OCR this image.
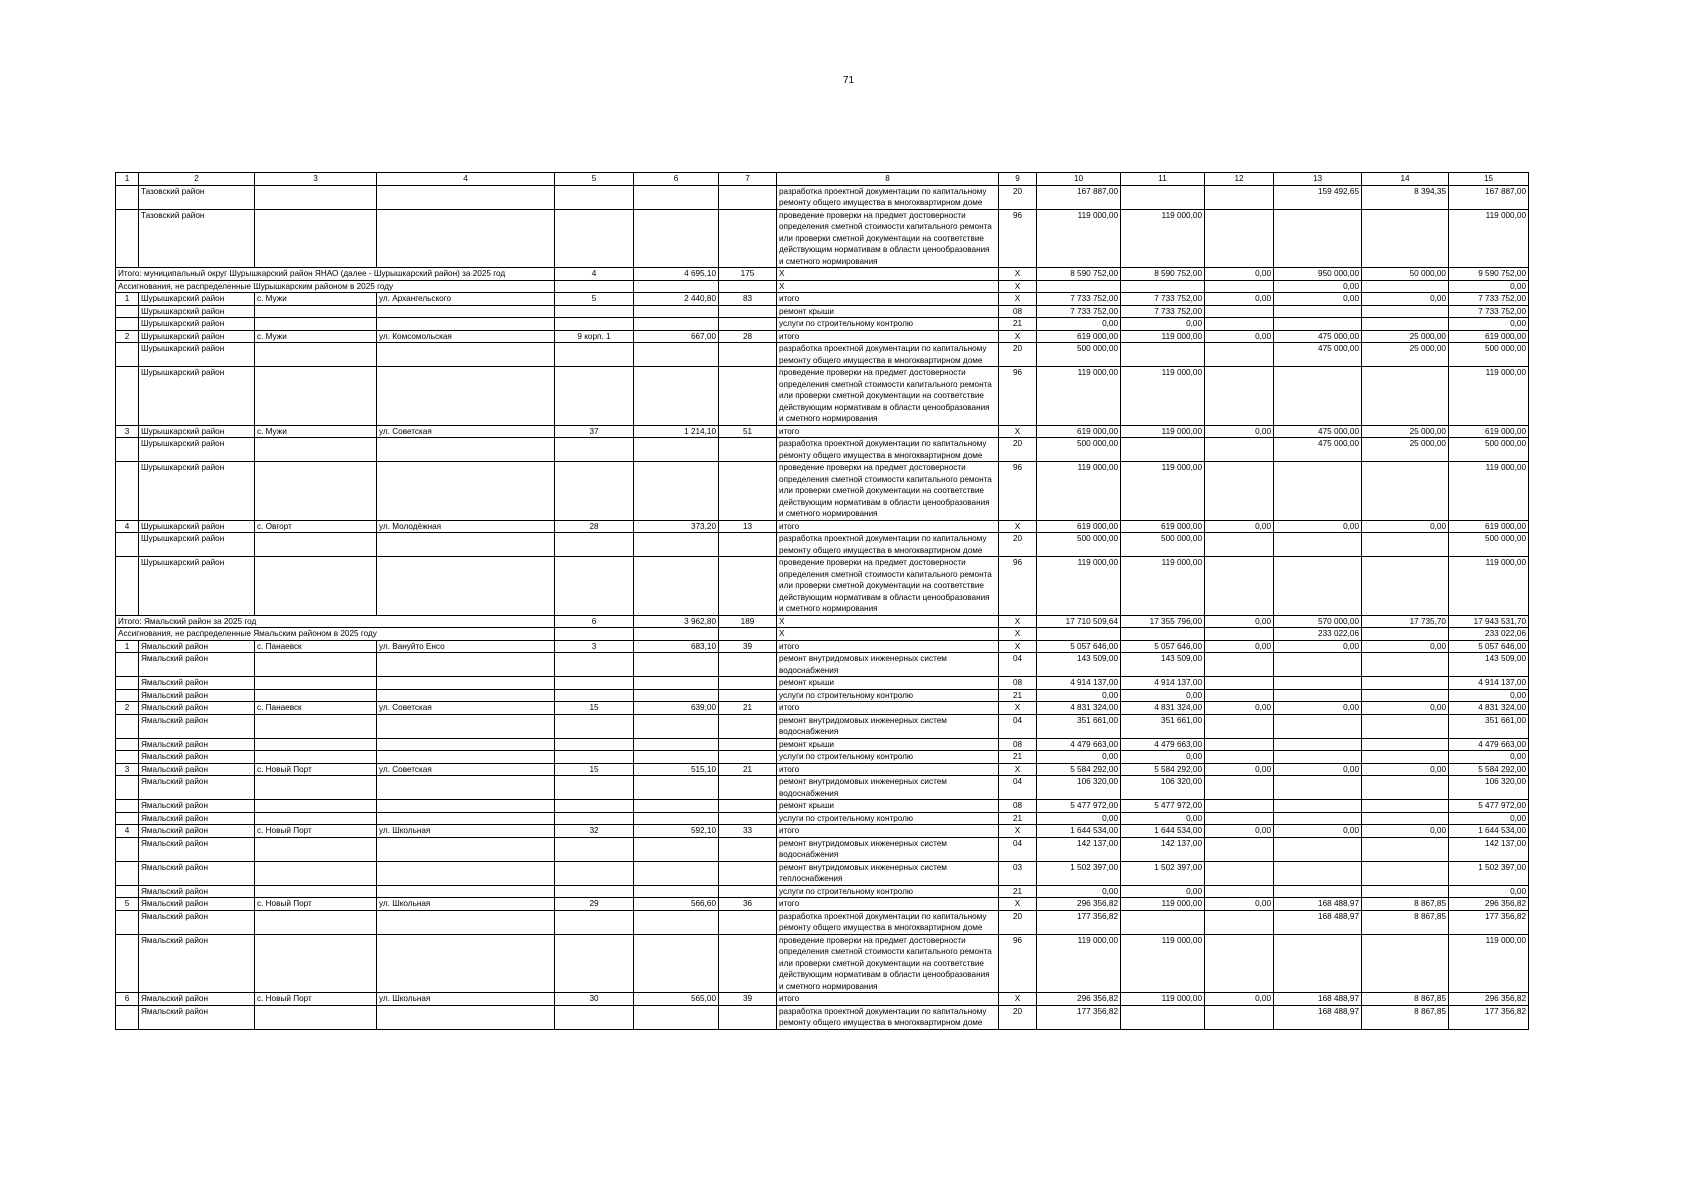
71
1	2	3	4	5	6	7	8	9	10	11	12	13	14	15
	Тазовский район						разработка проектной документации по капитальному ремонту общего имущества в многоквартирном доме	20	167 887,00			159 492,65	8 394,35	167 887,00
	Тазовский район						проведение проверки на предмет достоверности определения сметной стоимости капитального ремонта или проверки сметной документации на соответствие действующим нормативам в области ценообразования и сметного нормирования	96	119 000,00	119 000,00				119 000,00
Итого: муниципальный округ Шурышкарский район ЯНАО (далее - Шурышкарский район) за 2025 год				4	4 695,10	175	X	X	8 590 752,00	8 590 752,00	0,00	950 000,00	50 000,00	9 590 752,00
Ассигнования, не распределенные Шурышкарским районом в 2025 году							X	X				0,00		0,00
1	Шурышкарский район	с. Мужи	ул. Архангельского	5	2 440,80	83	итого	X	7 733 752,00	7 733 752,00	0,00	0,00	0,00	7 733 752,00
	Шурышкарский район						ремонт крыши	08	7 733 752,00	7 733 752,00				7 733 752,00
	Шурышкарский район						услуги по строительному контролю	21	0,00	0,00				0,00
2	Шурышкарский район	с. Мужи	ул. Комсомольская	9 корп. 1	667,00	28	итого	X	619 000,00	119 000,00	0,00	475 000,00	25 000,00	619 000,00
	Шурышкарский район						разработка проектной документации по капитальному ремонту общего имущества в многоквартирном доме	20	500 000,00			475 000,00	25 000,00	500 000,00
	Шурышкарский район						проведение проверки на предмет достоверности определения сметной стоимости капитального ремонта или проверки сметной документации на соответствие действующим нормативам в области ценообразования и сметного нормирования	96	119 000,00	119 000,00				119 000,00
3	Шурышкарский район	с. Мужи	ул. Советская	37	1 214,10	51	итого	X	619 000,00	119 000,00	0,00	475 000,00	25 000,00	619 000,00
	Шурышкарский район						разработка проектной документации по капитальному ремонту общего имущества в многоквартирном доме	20	500 000,00			475 000,00	25 000,00	500 000,00
	Шурышкарский район						проведение проверки на предмет достоверности определения сметной стоимости капитального ремонта или проверки сметной документации на соответствие действующим нормативам в области ценообразования и сметного нормирования	96	119 000,00	119 000,00				119 000,00
4	Шурышкарский район	с. Овгорт	ул. Молодёжная	28	373,20	13	итого	X	619 000,00	619 000,00	0,00	0,00	0,00	619 000,00
	Шурышкарский район						разработка проектной документации по капитальному ремонту общего имущества в многоквартирном доме	20	500 000,00	500 000,00				500 000,00
	Шурышкарский район						проведение проверки на предмет достоверности определения сметной стоимости капитального ремонта или проверки сметной документации на соответствие действующим нормативам в области ценообразования и сметного нормирования	96	119 000,00	119 000,00				119 000,00
Итого: Ямальский район за 2025 год				6	3 962,80	189	X	X	17 710 509,64	17 355 796,00	0,00	570 000,00	17 735,70	17 943 531,70
Ассигнования, не распределенные Ямальским районом в 2025 году							X	X				233 022,06		233 022,06
1	Ямальский район	с. Панаевск	ул. Вануйто Енсо	3	683,10	39	итого	X	5 057 646,00	5 057 646,00	0,00	0,00	0,00	5 057 646,00
	Ямальский район						ремонт внутридомовых инженерных систем водоснабжения	04	143 509,00	143 509,00				143 509,00
	Ямальский район						ремонт крыши	08	4 914 137,00	4 914 137,00				4 914 137,00
	Ямальский район						услуги по строительному контролю	21	0,00	0,00				0,00
2	Ямальский район	с. Панаевск	ул. Советская	15	639,00	21	итого	X	4 831 324,00	4 831 324,00	0,00	0,00	0,00	4 831 324,00
	Ямальский район						ремонт внутридомовых инженерных систем водоснабжения	04	351 661,00	351 661,00				351 661,00
	Ямальский район						ремонт крыши	08	4 479 663,00	4 479 663,00				4 479 663,00
	Ямальский район						услуги по строительному контролю	21	0,00	0,00				0,00
3	Ямальский район	с. Новый Порт	ул. Советская	15	515,10	21	итого	X	5 584 292,00	5 584 292,00	0,00	0,00	0,00	5 584 292,00
	Ямальский район						ремонт внутридомовых инженерных систем водоснабжения	04	106 320,00	106 320,00				106 320,00
	Ямальский район						ремонт крыши	08	5 477 972,00	5 477 972,00				5 477 972,00
	Ямальский район						услуги по строительному контролю	21	0,00	0,00				0,00
4	Ямальский район	с. Новый Порт	ул. Школьная	32	592,10	33	итого	X	1 644 534,00	1 644 534,00	0,00	0,00	0,00	1 644 534,00
	Ямальский район						ремонт внутридомовых инженерных систем водоснабжения	04	142 137,00	142 137,00				142 137,00
	Ямальский район						ремонт внутридомовых инженерных систем теплоснабжения	03	1 502 397,00	1 502 397,00				1 502 397,00
	Ямальский район						услуги по строительному контролю	21	0,00	0,00				0,00
5	Ямальский район	с. Новый Порт	ул. Школьная	29	566,60	36	итого	X	296 356,82	119 000,00	0,00	168 488,97	8 867,85	296 356,82
	Ямальский район						разработка проектной документации по капитальному ремонту общего имущества в многоквартирном доме	20	177 356,82			168 488,97	8 867,85	177 356,82
	Ямальский район						проведение проверки на предмет достоверности определения сметной стоимости капитального ремонта или проверки сметной документации на соответствие действующим нормативам в области ценообразования и сметного нормирования	96	119 000,00	119 000,00				119 000,00
6	Ямальский район	с. Новый Порт	ул. Школьная	30	565,00	39	итого	X	296 356,82	119 000,00	0,00	168 488,97	8 867,85	296 356,82
	Ямальский район						разработка проектной документации по капитальному ремонту общего имущества в многоквартирном доме	20	177 356,82			168 488,97	8 867,85	177 356,82
